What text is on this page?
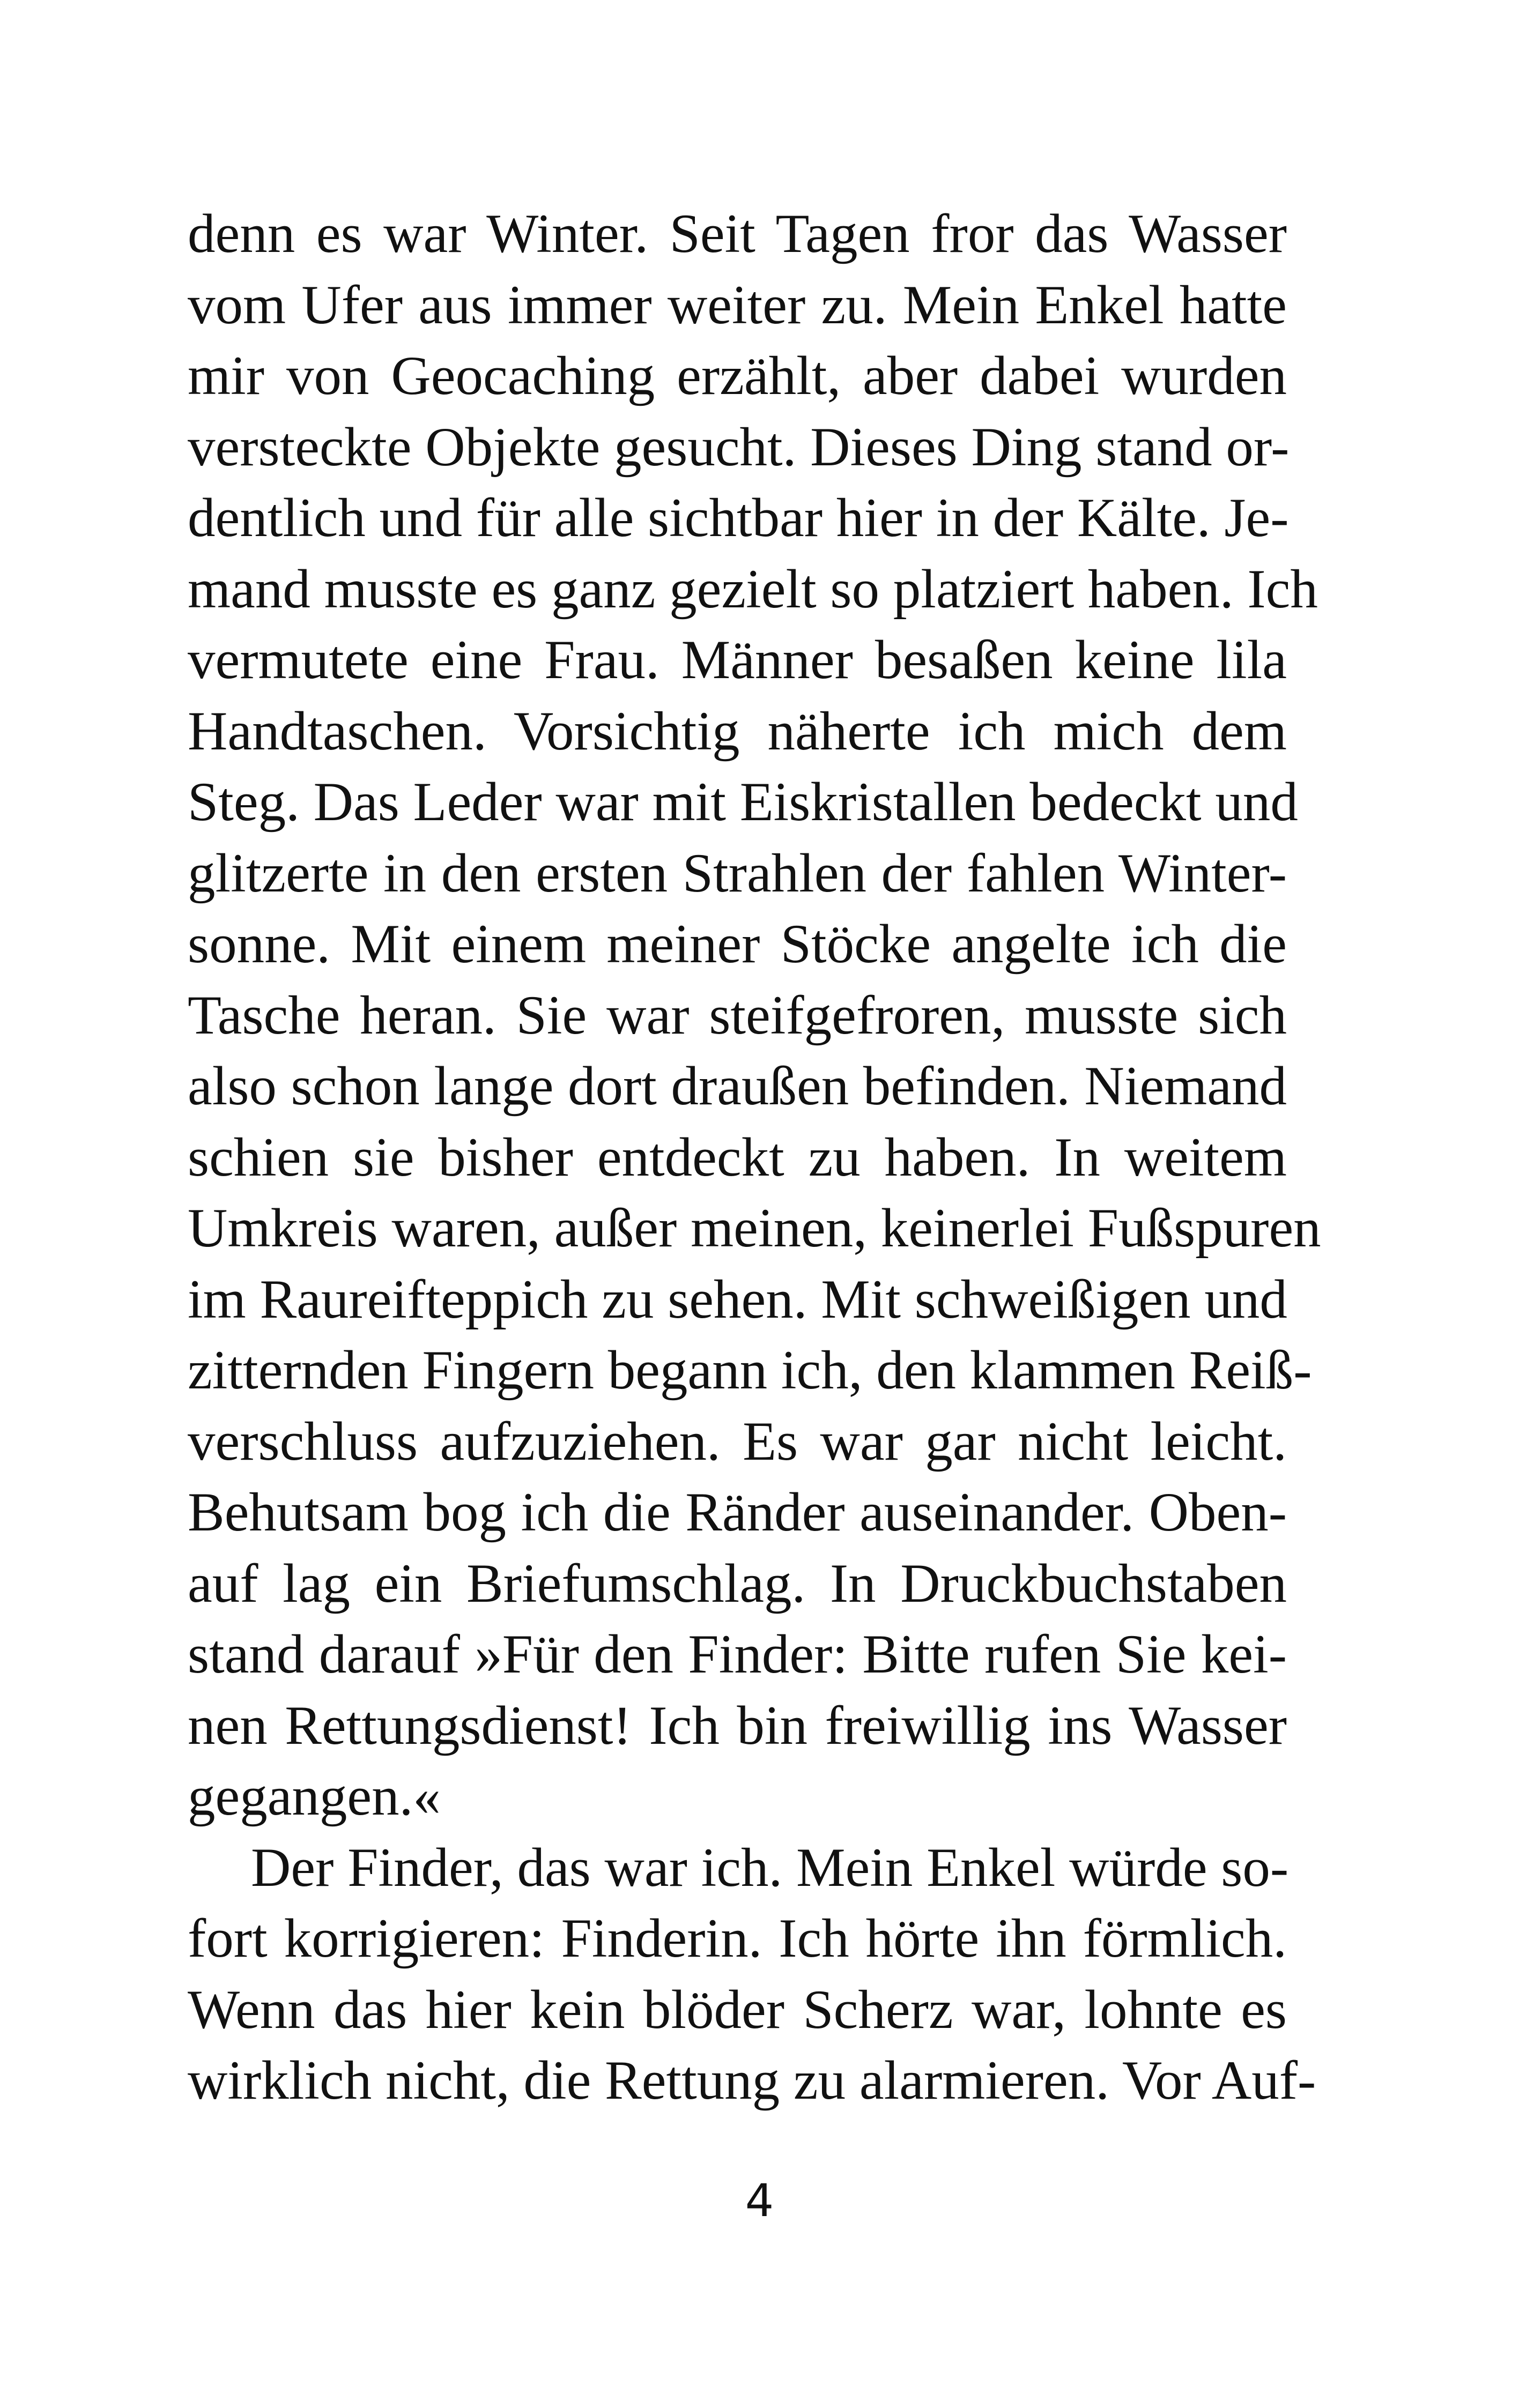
denn es war Winter. Seit Tagen fror das Wasser
vom Ufer aus immer weiter zu. Mein Enkel hatte
mir von Geocaching erzählt, aber dabei wurden
versteckte Objekte gesucht. Dieses Ding stand or-
dentlich und für alle sichtbar hier in der Kälte. Je-
mand musste es ganz gezielt so platziert haben. Ich
vermutete eine Frau. Männer besaßen keine lila
Handtaschen. Vorsichtig näherte ich mich dem
Steg. Das Leder war mit Eiskristallen bedeckt und
glitzerte in den ersten Strahlen der fahlen Winter-
sonne. Mit einem meiner Stöcke angelte ich die
Tasche heran. Sie war steifgefroren, musste sich
also schon lange dort draußen befinden. Niemand
schien sie bisher entdeckt zu haben. In weitem
Umkreis waren, außer meinen, keinerlei Fußspuren
im Raureifteppich zu sehen. Mit schweißigen und
zitternden Fingern begann ich, den klammen Reiß-
verschluss aufzuziehen. Es war gar nicht leicht.
Behutsam bog ich die Ränder auseinander. Oben-
auf lag ein Briefumschlag. In Druckbuchstaben
stand darauf »Für den Finder: Bitte rufen Sie kei-
nen Rettungsdienst! Ich bin freiwillig ins Wasser
gegangen.«
Der Finder, das war ich. Mein Enkel würde so-
fort korrigieren: Finderin. Ich hörte ihn förmlich.
Wenn das hier kein blöder Scherz war, lohnte es
wirklich nicht, die Rettung zu alarmieren. Vor Auf-
4
